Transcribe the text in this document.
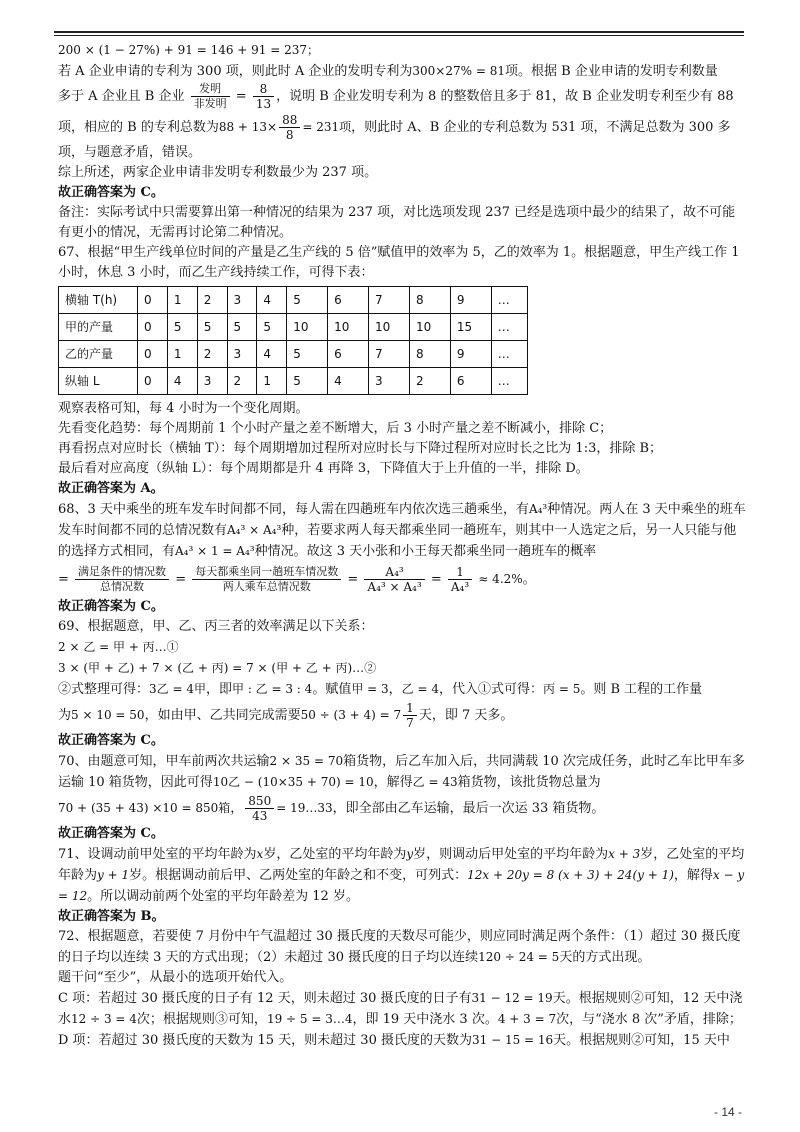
200 × (1 − 27%) + 91 = 146 + 91 = 237；

若 A 企业申请的专利为 300 项，则此时 A 企业的发明专利为300×27% = 81项。根据 B 企业申请的发明专利数量

多于 A 企业且 B 企业 $\frac{\text{发明}}{\text{非发明}} = \frac{8}{13}$ ，说明 B 企业发明专利为 8 的整数倍且多于 81，故 B 企业发明专利至少有 88

项，相应的 B 的专利总数为$88 + 13\times \frac{88}{8} = 231$项，则此时 A、B 企业的专利总数为 531 项，不满足总数为 300 多

项，与题意矛盾，错误。

综上所述，两家企业申请非发明专利数最少为 237 项。

故正确答案为 C。

备注：实际考试中只需要算出第一种情况的结果为 237 项，对比选项发现 237 已经是选项中最少的结果了，故不可能有更小的情况，无需再讨论第二种情况。

67、根据“甲生产线单位时间的产量是乙生产线的 5 倍”赋值甲的效率为 5，乙的效率为 1。根据题意，甲生产线工作 1 小时，休息 3 小时，而乙生产线持续工作，可得下表：

横轴 T(h)	0	1	2	3	4	5	6	7	8	9	…
甲的产量	0	5	5	5	5	10	10	10	10	15	…
乙的产量	0	1	2	3	4	5	6	7	8	9	…
纵轴 L	0	4	3	2	1	5	4	3	2	6	…

观察表格可知，每 4 小时为一个变化周期。

先看变化趋势：每个周期前 1 个小时产量之差不断增大，后 3 小时产量之差不断减小，排除 C；

再看拐点对应时长（横轴 T）：每个周期增加过程所对应时长与下降过程所对应时长之比为 1:3，排除 B；

最后看对应高度（纵轴 L）：每个周期都是升 4 再降 3，下降值大于上升值的一半，排除 D。

故正确答案为 A。

68、3 天中乘坐的班车发车时间都不同，每人需在四趟班车内依次选三趟乘坐，有A₄³种情况。两人在 3 天中乘坐的班车发车时间都不同的总情况数有A₄³ × A₄³种，若要求两人每天都乘坐同一趟班车，则其中一人选定之后，另一人只能与他的选择方式相同，有A₄³ × 1 = A₄³种情况。故这 3 天小张和小王每天都乘坐同一趟班车的概率

= $\frac{\text{满足条件的情况数}}{\text{总情况数}} = \frac{\text{每天都乘坐同一趟班车情况数}}{\text{两人乘车总情况数}} = \frac{\text{A₄³}}{\text{A₄³ × A₄³}} = \frac{1}{\text{A₄³}} \approx 4.2\%$。

故正确答案为 C。

69、根据题意，甲、乙、丙三者的效率满足以下关系：

2 × 乙 = 甲 + 丙…①

3 × (甲 + 乙) + 7 × (乙 + 丙) = 7 × (甲 + 乙 + 丙)…②

②式整理可得：3乙 = 4甲，即甲 : 乙 = 3 : 4。赋值甲 = 3，乙 = 4，代入①式可得：丙 = 5。则 B 工程的工作量

为5 × 10 = 50，如由甲、乙共同完成需要$50 \div (3 + 4) = 7 \frac{1}{7}$ 天，即 7 天多。

故正确答案为 C。

70、由题意可知，甲车前两次共运输2 × 35 = 70箱货物，后乙车加入后，共同满载 10 次完成任务，此时乙车比甲车多运输 10 箱货物，因此可得10乙 − (10×35 + 70) = 10，解得乙 = 43箱货物，该批货物总量为

70 + (35 + 43) ×10 = 850箱， $\frac{850}{43}$ = 19…33，即全部由乙车运输，最后一次运 33 箱货物。

故正确答案为 C。

71、设调动前甲处室的平均年龄为x岁，乙处室的平均年龄为y岁，则调动后甲处室的平均年龄为x + 3岁，乙处室的平均年龄为y + 1岁。根据调动前后甲、乙两处室的年龄之和不变，可列式：12x + 20y = 8 (x + 3) + 24(y + 1)，解得x − y = 12。所以调动前两个处室的平均年龄差为 12 岁。

故正确答案为 B。

72、根据题意，若要使 7 月份中午气温超过 30 摄氏度的天数尽可能少，则应同时满足两个条件：（1）超过 30 摄氏度的日子均以连续 3 天的方式出现；（2）未超过 30 摄氏度的日子均以连续120 ÷ 24 = 5天的方式出现。

题干问“至少”，从最小的选项开始代入。

C 项：若超过 30 摄氏度的日子有 12 天，则未超过 30 摄氏度的日子有31 − 12 = 19天。根据规则②可知，12 天中浇水12 ÷ 3 = 4次；根据规则③可知，19 ÷ 5 = 3…4，即 19 天中浇水 3 次。4 + 3 = 7次，与“浇水 8 次”矛盾，排除；

D 项：若超过 30 摄氏度的天数为 15 天，则未超过 30 摄氏度的天数为31 − 15 = 16天。根据规则②可知，15 天中

- 14 -
